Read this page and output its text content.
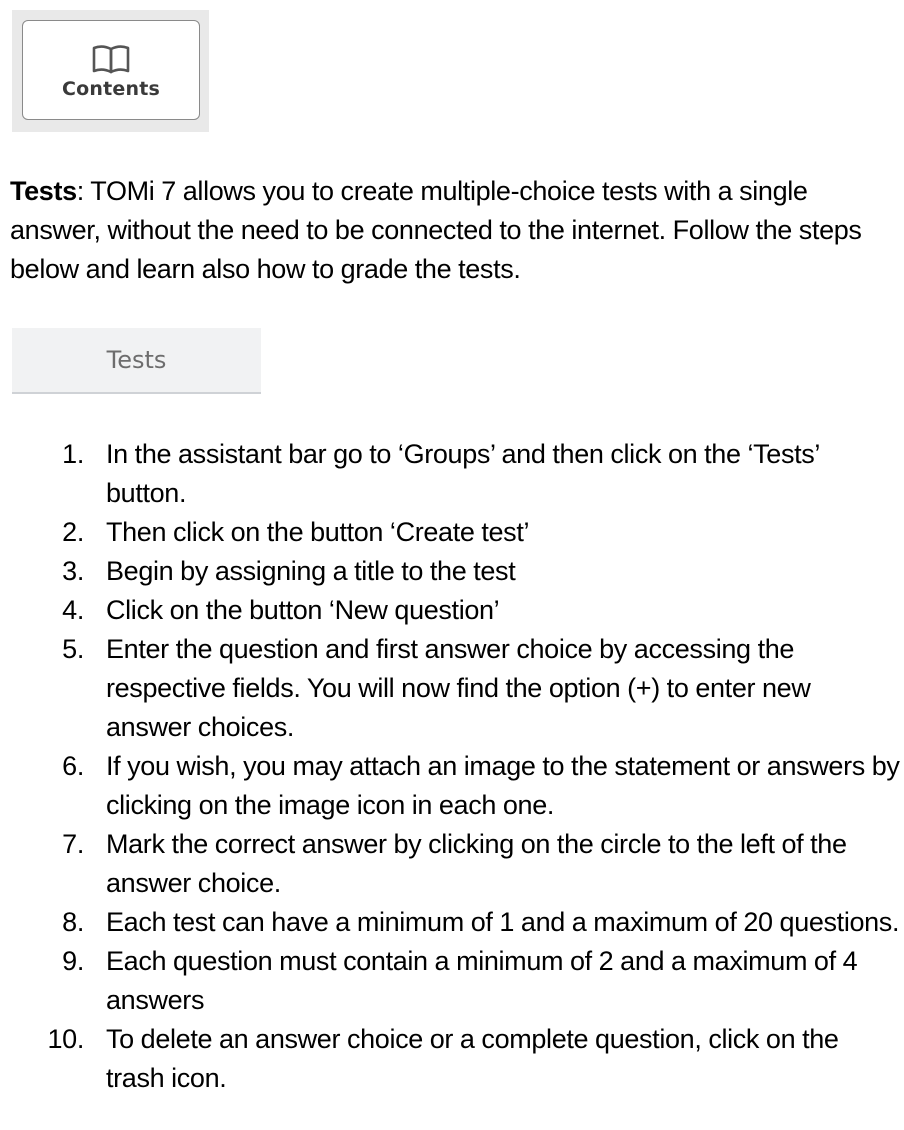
Contents

Tests: TOMi 7 allows you to create multiple-choice tests with a single answer, without the need to be connected to the internet. Follow the steps below and learn also how to grade the tests.

Tests
1. In the assistant bar go to ‘Groups’ and then click on the ‘Tests’ button.
2. Then click on the button ‘Create test’
3. Begin by assigning a title to the test
4. Click on the button ‘New question’
5. Enter the question and first answer choice by accessing the respective fields. You will now find the option (+) to enter new answer choices.
6. If you wish, you may attach an image to the statement or answers by clicking on the image icon in each one.
7. Mark the correct answer by clicking on the circle to the left of the answer choice.
8. Each test can have a minimum of 1 and a maximum of 20 questions.
9. Each question must contain a minimum of 2 and a maximum of 4 answers
10. To delete an answer choice or a complete question, click on the trash icon.
